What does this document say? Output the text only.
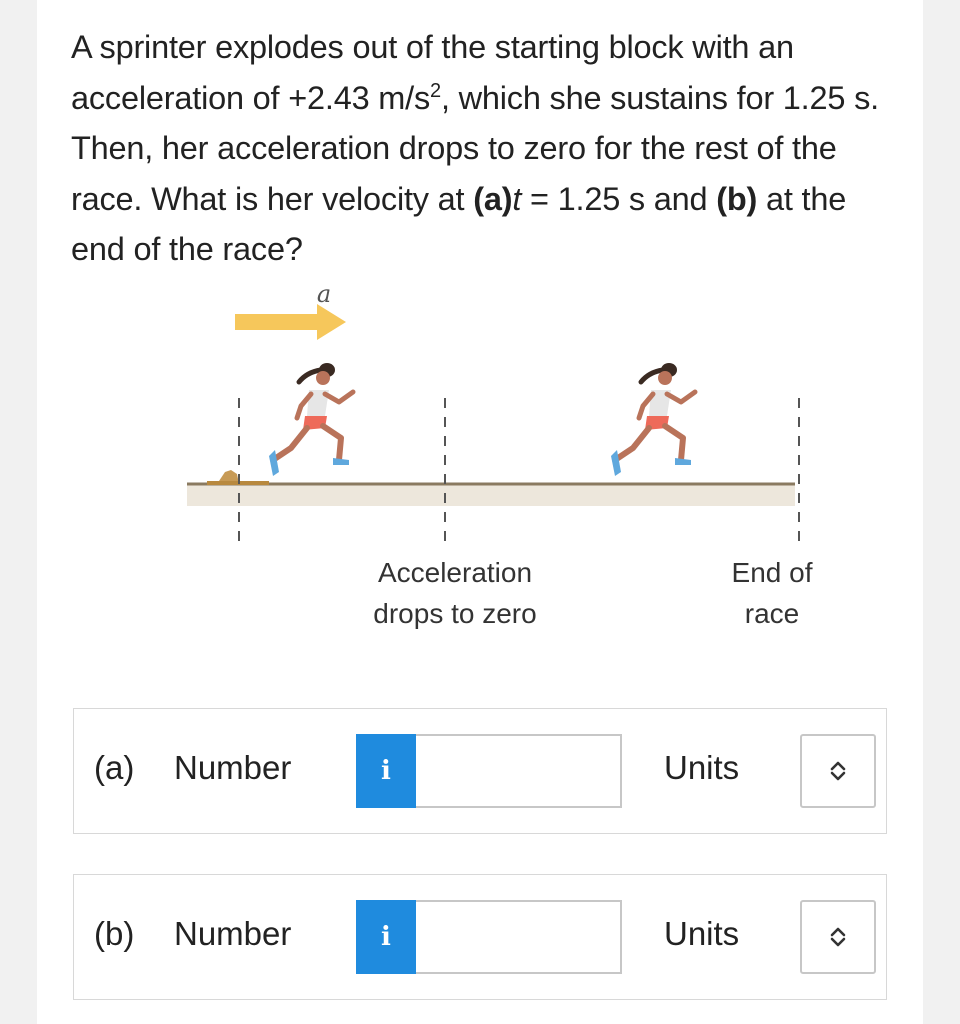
A sprinter explodes out of the starting block with an acceleration of +2.43 $m/s^2$, which she sustains for 1.25 s. Then, her acceleration drops to zero for the rest of the race. What is her velocity at (a)t = 1.25 s and (b) at the end of the race?
a
Acceleration
drops to zero
End of
race
(a) Number	i	Units
(b) Number	i	Units
